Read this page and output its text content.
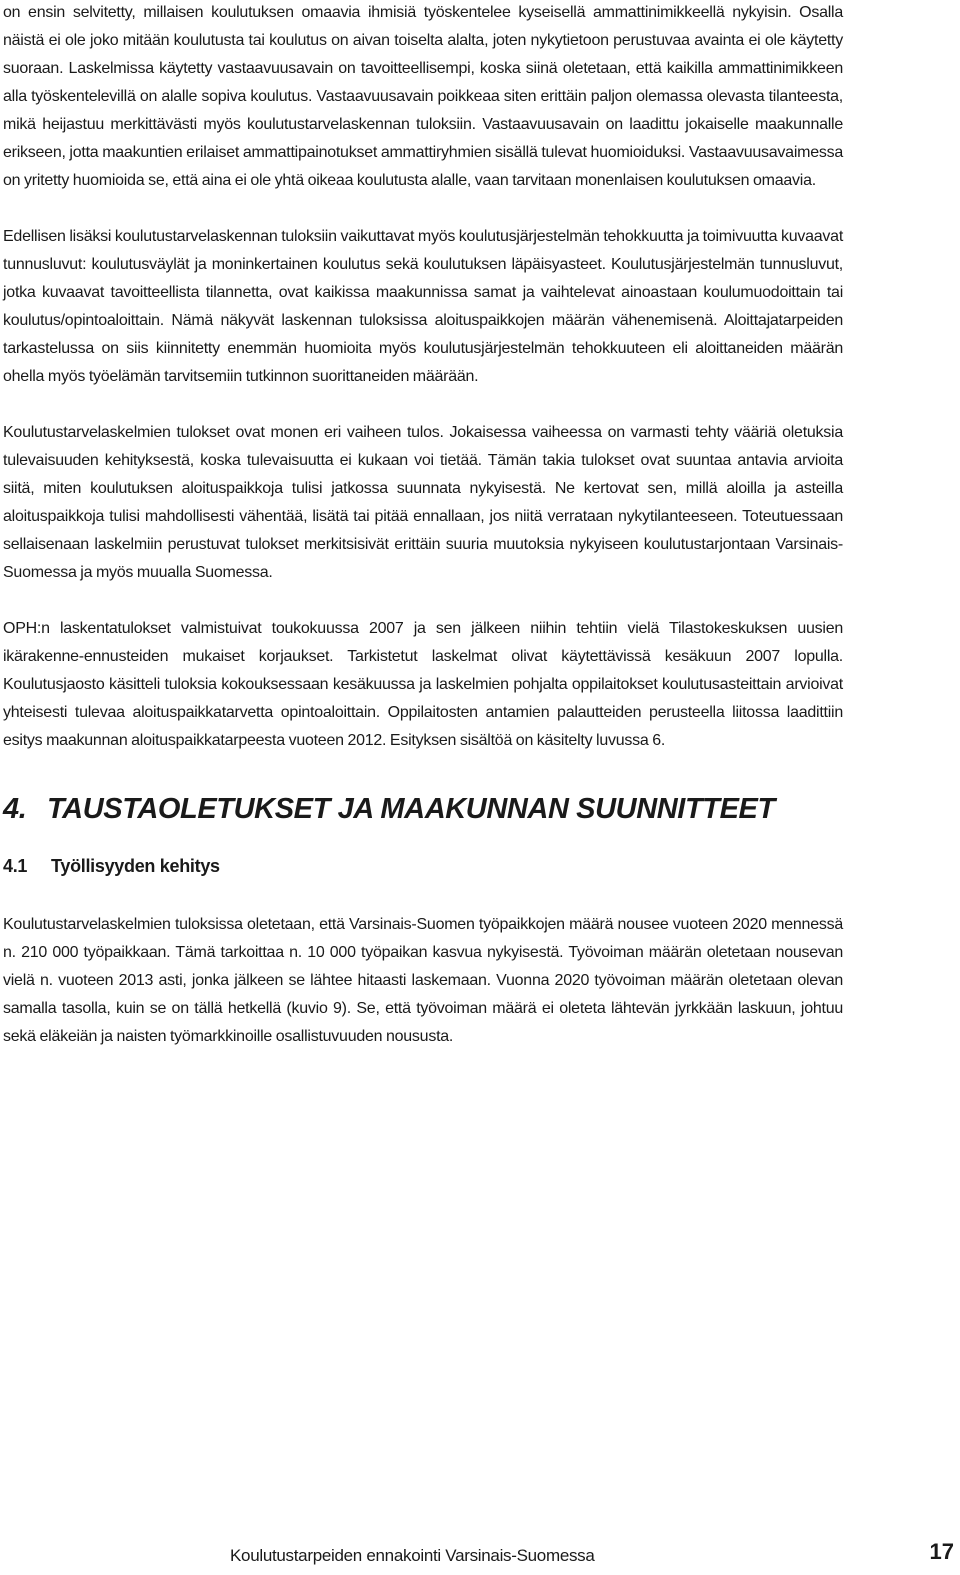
on ensin selvitetty, millaisen koulutuksen omaavia ihmisiä työskentelee kyseisellä ammattinimikkeellä nykyisin. Osalla näistä ei ole joko mitään koulutusta tai koulutus on aivan toiselta alalta, joten nykytietoon perustuvaa avainta ei ole käytetty suoraan. Laskelmissa käytetty vastaavuusavain on tavoitteellisempi, koska siinä oletetaan, että kaikilla ammattinimikkeen alla työskentelevillä on alalle sopiva koulutus. Vastaavuusavain poikkeaa siten erittäin paljon olemassa olevasta tilanteesta, mikä heijastuu merkittävästi myös koulutustarvelaskennan tuloksiin. Vastaavuusavain on laadittu jokaiselle maakunnalle erikseen, jotta maakuntien erilaiset ammattipainotukset ammattiryhmien sisällä tulevat huomioiduksi. Vastaavuusavaimessa on yritetty huomioida se, että aina ei ole yhtä oikeaa koulutusta alalle, vaan tarvitaan monenlaisen koulutuksen omaavia.

Edellisen lisäksi koulutustarvelaskennan tuloksiin vaikuttavat myös koulutusjärjestelmän tehokkuutta ja toimivuutta kuvaavat tunnusluvut: koulutusväylät ja moninkertainen koulutus sekä koulutuksen läpäisyasteet. Koulutusjärjestelmän tunnusluvut, jotka kuvaavat tavoitteellista tilannetta, ovat kaikissa maakunnissa samat ja vaihtelevat ainoastaan koulumuodoittain tai koulutus/opintoaloittain. Nämä näkyvät laskennan tuloksissa aloituspaikkojen määrän vähenemisenä. Aloittajatarpeiden tarkastelussa on siis kiinnitetty enemmän huomioita myös koulutusjärjestelmän tehokkuuteen eli aloittaneiden määrän ohella myös työelämän tarvitsemiin tutkinnon suorittaneiden määrään.

Koulutustarvelaskelmien tulokset ovat monen eri vaiheen tulos. Jokaisessa vaiheessa on varmasti tehty vääriä oletuksia tulevaisuuden kehityksestä, koska tulevaisuutta ei kukaan voi tietää. Tämän takia tulokset ovat suuntaa antavia arvioita siitä, miten koulutuksen aloituspaikkoja tulisi jatkossa suunnata nykyisestä. Ne kertovat sen, millä aloilla ja asteilla aloituspaikkoja tulisi mahdollisesti vähentää, lisätä tai pitää ennallaan, jos niitä verrataan nykytilanteeseen. Toteutuessaan sellaisenaan laskelmiin perustuvat tulokset merkitsisivät erittäin suuria muutoksia nykyiseen koulutustarjontaan Varsinais-Suomessa ja myös muualla Suomessa.

OPH:n laskentatulokset valmistuivat toukokuussa 2007 ja sen jälkeen niihin tehtiin vielä Tilastokeskuksen uusien ikärakenne-ennusteiden mukaiset korjaukset. Tarkistetut laskelmat olivat käytettävissä kesäkuun 2007 lopulla. Koulutusjaosto käsitteli tuloksia kokouksessaan kesäkuussa ja laskelmien pohjalta oppilaitokset koulutusasteittain arvioivat yhteisesti tulevaa aloituspaikkatarvetta opintoaloittain. Oppilaitosten antamien palautteiden perusteella liitossa laadittiin esitys maakunnan aloituspaikkatarpeesta vuoteen 2012. Esityksen sisältöä on käsitelty luvussa 6.

4. TAUSTAOLETUKSET JA MAAKUNNAN SUUNNITTEET
4.1 Työllisyyden kehitys

Koulutustarvelaskelmien tuloksissa oletetaan, että Varsinais-Suomen työpaikkojen määrä nousee vuoteen 2020 mennessä n. 210 000 työpaikkaan. Tämä tarkoittaa n. 10 000 työpaikan kasvua nykyisestä. Työvoiman määrän oletetaan nousevan vielä n. vuoteen 2013 asti, jonka jälkeen se lähtee hitaasti laskemaan. Vuonna 2020 työvoiman määrän oletetaan olevan samalla tasolla, kuin se on tällä hetkellä (kuvio 9). Se, että työvoiman määrä ei oleteta lähtevän jyrkkään laskuun, johtuu sekä eläkeiän ja naisten työmarkkinoille osallistuvuuden noususta.

Koulutustarpeiden ennakointi Varsinais-Suomessa	17
